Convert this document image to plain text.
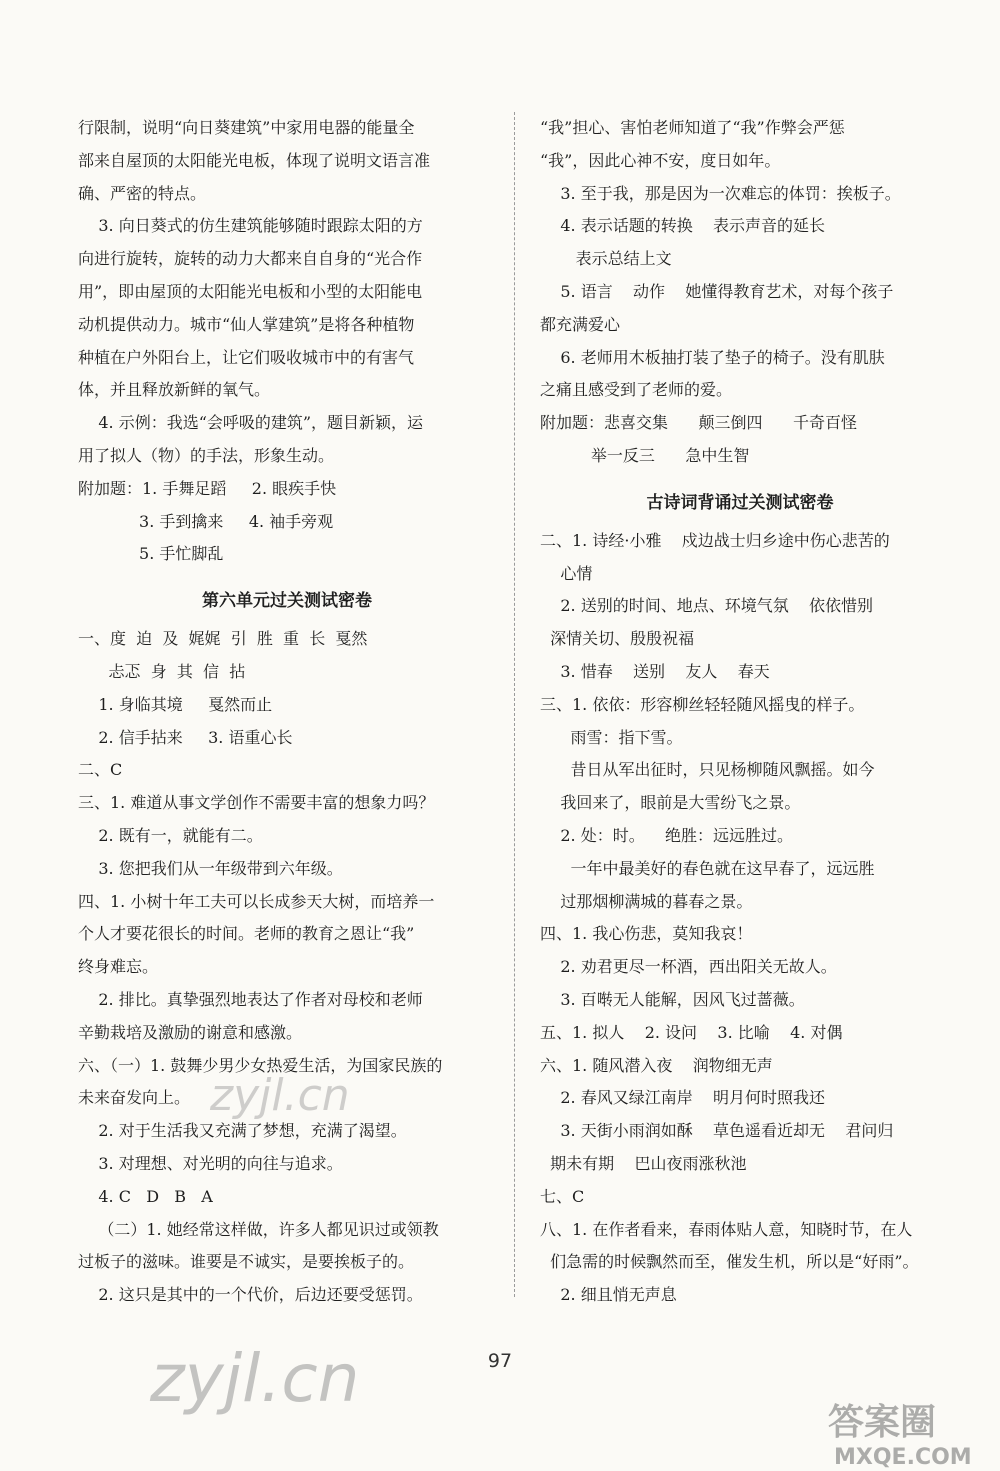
行限制，说明“向日葵建筑”中家用电器的能量全
部来自屋顶的太阳能光电板，体现了说明文语言准
确、严密的特点。
3. 向日葵式的仿生建筑能够随时跟踪太阳的方
向进行旋转，旋转的动力大都来自自身的“光合作
用”，即由屋顶的太阳能光电板和小型的太阳能电
动机提供动力。城市“仙人掌建筑”是将各种植物
种植在户外阳台上，让它们吸收城市中的有害气
体，并且释放新鲜的氧气。
4. 示例：我选“会呼吸的建筑”，题目新颖，运
用了拟人（物）的手法，形象生动。
附加题：1. 手舞足蹈     2. 眼疾手快
3. 手到擒来     4. 袖手旁观
5. 手忙脚乱
第六单元过关测试密卷
一、度  迫  及  娓娓  引  胜  重  长  戛然
忐忑  身  其  信  拈
1. 身临其境     戛然而止
2. 信手拈来     3. 语重心长
二、C
三、1. 难道从事文学创作不需要丰富的想象力吗？
2. 既有一，就能有二。
3. 您把我们从一年级带到六年级。
四、1. 小树十年工夫可以长成参天大树，而培养一
个人才要花很长的时间。老师的教育之恩让“我”
终身难忘。
2. 排比。真挚强烈地表达了作者对母校和老师
辛勤栽培及激励的谢意和感激。
六、（一）1. 鼓舞少男少女热爱生活，为国家民族的
未来奋发向上。
2. 对于生活我又充满了梦想，充满了渴望。
3. 对理想、对光明的向往与追求。
4. C   D   B   A
（二）1. 她经常这样做，许多人都见识过或领教
过板子的滋味。谁要是不诚实，是要挨板子的。
2. 这只是其中的一个代价，后边还要受惩罚。
“我”担心、害怕老师知道了“我”作弊会严惩
“我”，因此心神不安，度日如年。
3. 至于我，那是因为一次难忘的体罚：挨板子。
4. 表示话题的转换    表示声音的延长
表示总结上文
5. 语言    动作    她懂得教育艺术，对每个孩子
都充满爱心
6. 老师用木板抽打装了垫子的椅子。没有肌肤
之痛且感受到了老师的爱。
附加题：悲喜交集      颠三倒四      千奇百怪
举一反三      急中生智
古诗词背诵过关测试密卷
二、1. 诗经·小雅    戍边战士归乡途中伤心悲苦的
心情
2. 送别的时间、地点、环境气氛    依依惜别
深情关切、殷殷祝福
3. 惜春    送别    友人    春天
三、1. 依依：形容柳丝轻轻随风摇曳的样子。
雨雪：指下雪。
昔日从军出征时，只见杨柳随风飘摇。如今
我回来了，眼前是大雪纷飞之景。
2. 处：时。    绝胜：远远胜过。
一年中最美好的春色就在这早春了，远远胜
过那烟柳满城的暮春之景。
四、1. 我心伤悲，莫知我哀！
2. 劝君更尽一杯酒，西出阳关无故人。
3. 百啭无人能解，因风飞过蔷薇。
五、1. 拟人    2. 设问    3. 比喻    4. 对偶
六、1. 随风潜入夜    润物细无声
2. 春风又绿江南岸    明月何时照我还
3. 天街小雨润如酥    草色遥看近却无    君问归
期未有期    巴山夜雨涨秋池
七、C
八、1. 在作者看来，春雨体贴人意，知晓时节，在人
们急需的时候飘然而至，催发生机，所以是“好雨”。
2. 细且悄无声息
zyjl.cn
97
zyjl.cn
答案圈
MXQE.COM
